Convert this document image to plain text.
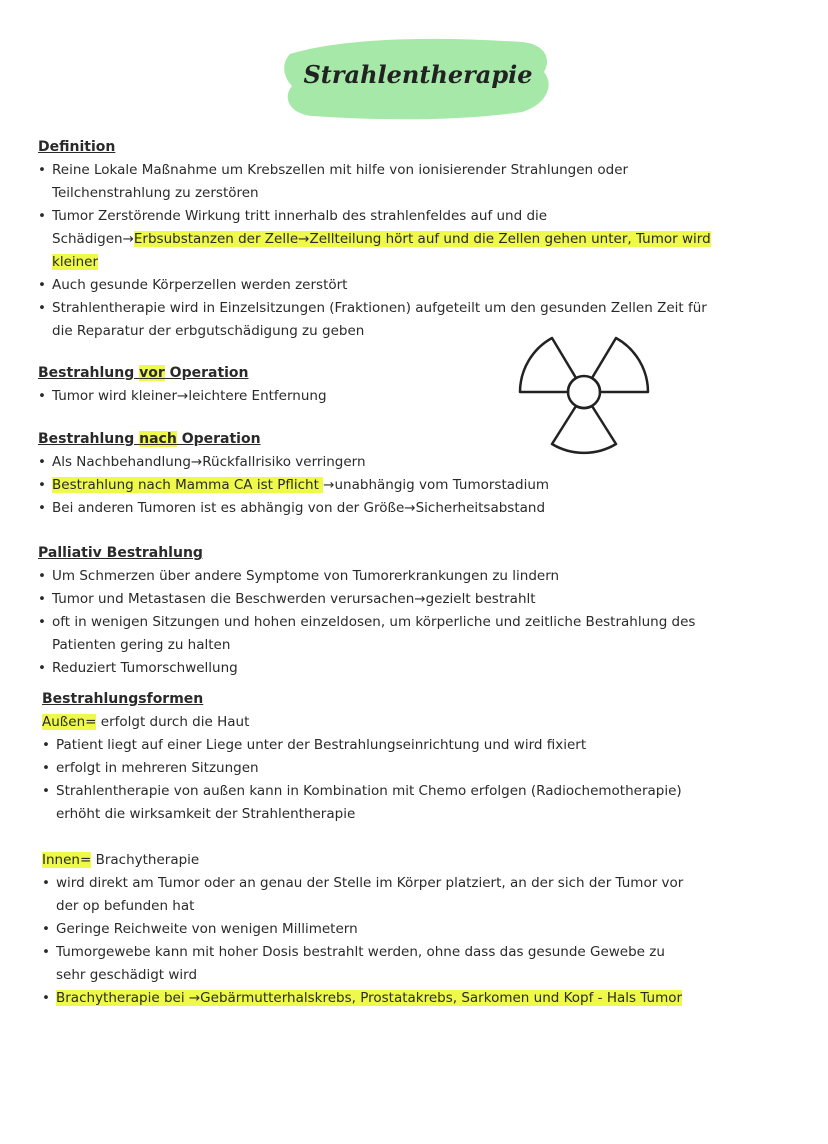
Strahlentherapie
Definition
• Reine Lokale Maßnahme um Krebszellen mit hilfe von ionisierender Strahlungen oder
Teilchenstrahlung zu zerstören
• Tumor Zerstörende Wirkung tritt innerhalb des strahlenfeldes auf und die
Schädigen→Erbsubstanzen der Zelle→Zellteilung hört auf und die Zellen gehen unter, Tumor wird
kleiner
• Auch gesunde Körperzellen werden zerstört
• Strahlentherapie wird in Einzelsitzungen (Fraktionen) aufgeteilt um den gesunden Zellen Zeit für
die Reparatur der erbgutschädigung zu geben
Bestrahlung vor Operation
• Tumor wird kleiner→leichtere Entfernung
Bestrahlung nach Operation
• Als Nachbehandlung→Rückfallrisiko verringern
• Bestrahlung nach Mamma CA ist Pflicht →unabhängig vom Tumorstadium
• Bei anderen Tumoren ist es abhängig von der Größe→Sicherheitsabstand
Palliativ Bestrahlung
• Um Schmerzen über andere Symptome von Tumorerkrankungen zu lindern
• Tumor und Metastasen die Beschwerden verursachen→gezielt bestrahlt
• oft in wenigen Sitzungen und hohen einzeldosen, um körperliche und zeitliche Bestrahlung des
Patienten gering zu halten
• Reduziert Tumorschwellung
Bestrahlungsformen
Außen= erfolgt durch die Haut
• Patient liegt auf einer Liege unter der Bestrahlungseinrichtung und wird fixiert
• erfolgt in mehreren Sitzungen
• Strahlentherapie von außen kann in Kombination mit Chemo erfolgen (Radiochemotherapie)
erhöht die wirksamkeit der Strahlentherapie
Innen= Brachytherapie
• wird direkt am Tumor oder an genau der Stelle im Körper platziert, an der sich der Tumor vor
der op befunden hat
• Geringe Reichweite von wenigen Millimetern
• Tumorgewebe kann mit hoher Dosis bestrahlt werden, ohne dass das gesunde Gewebe zu
sehr geschädigt wird
• Brachytherapie bei →Gebärmutterhalskrebs, Prostatakrebs, Sarkomen und Kopf - Hals Tumor
